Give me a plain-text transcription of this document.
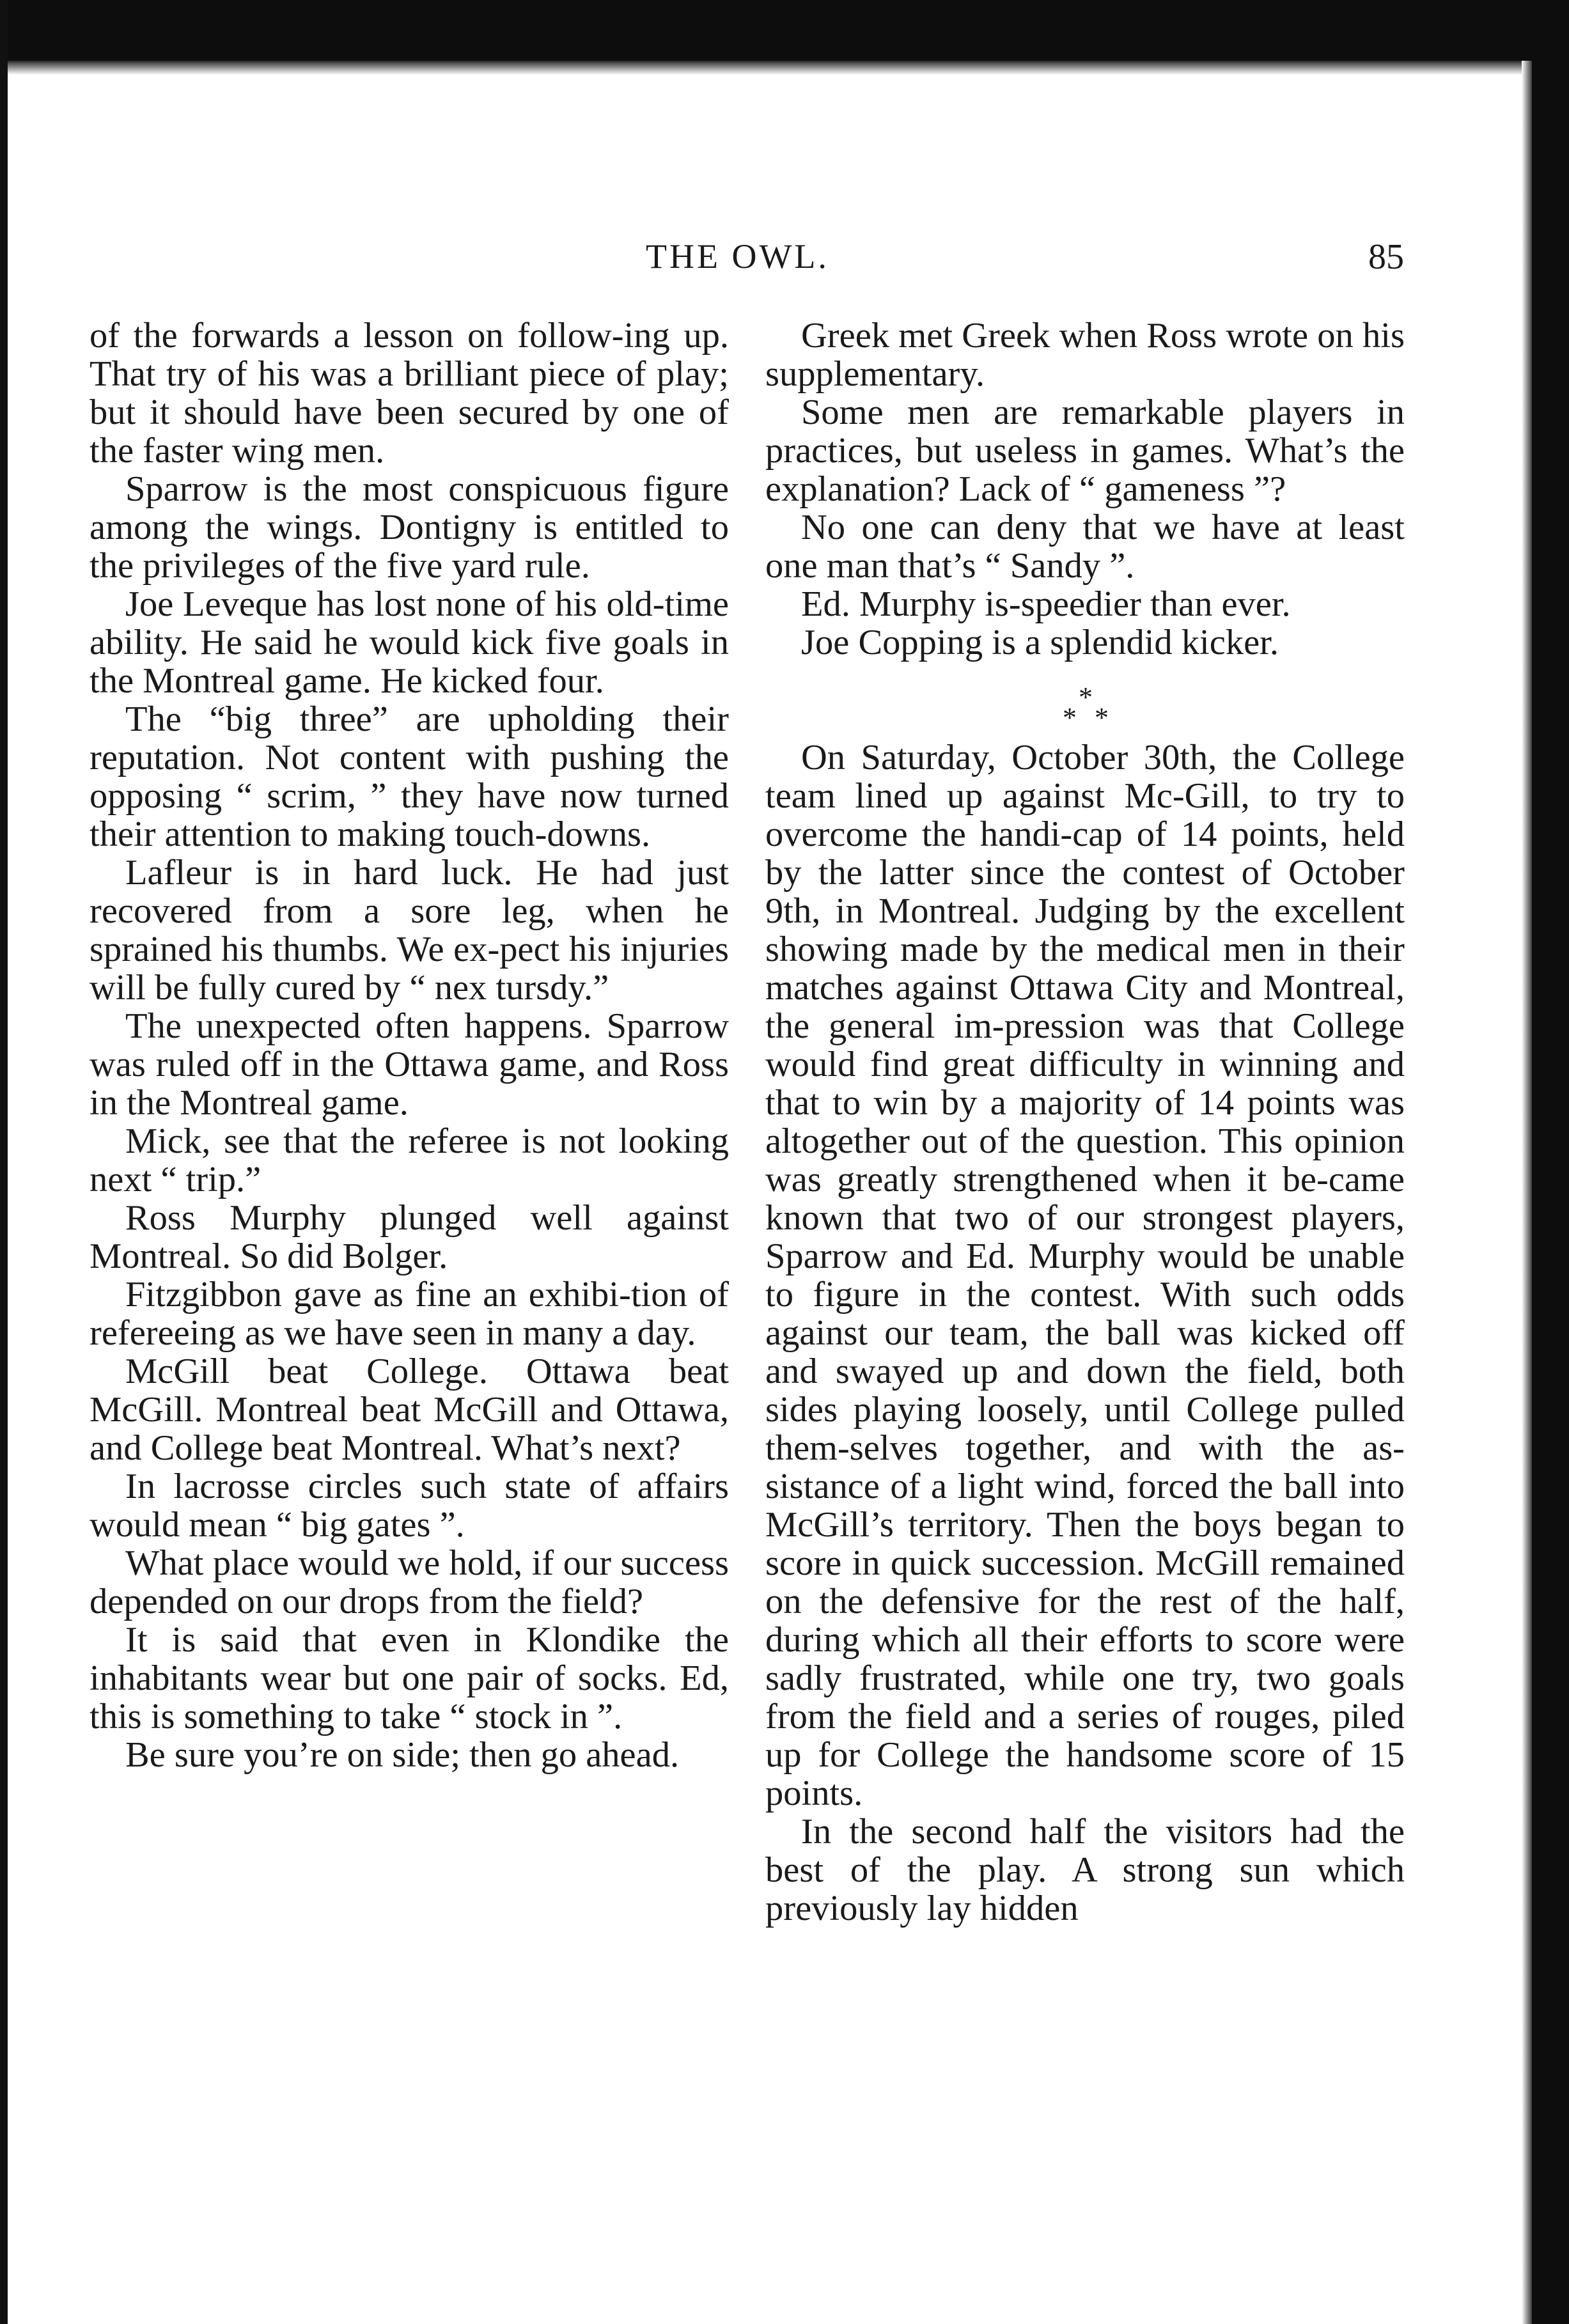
THE OWL.	85

of the forwards a lesson on follow-ing up. That try of his was a brilliant piece of play; but it should have been secured by one of the faster wing men.

Sparrow is the most conspicuous figure among the wings. Dontigny is entitled to the privileges of the five yard rule.

Joe Leveque has lost none of his old-time ability. He said he would kick five goals in the Montreal game. He kicked four.

The “big three” are upholding their reputation. Not content with pushing the opposing “ scrim, ” they have now turned their attention to making touch-downs.

Lafleur is in hard luck. He had just recovered from a sore leg, when he sprained his thumbs. We ex-pect his injuries will be fully cured by “ nex tursdy.”

The unexpected often happens. Sparrow was ruled off in the Ottawa game, and Ross in the Montreal game.

Mick, see that the referee is not looking next “ trip.”

Ross Murphy plunged well against Montreal. So did Bolger.

Fitzgibbon gave as fine an exhibi-tion of refereeing as we have seen in many a day.

McGill beat College. Ottawa beat McGill. Montreal beat McGill and Ottawa, and College beat Montreal. What’s next?

In lacrosse circles such state of affairs would mean “ big gates ”.

What place would we hold, if our success depended on our drops from the field?

It is said that even in Klondike the inhabitants wear but one pair of socks. Ed, this is something to take “ stock in ”.

Be sure you’re on side; then go ahead.

Greek met Greek when Ross wrote on his supplementary.

Some men are remarkable players in practices, but useless in games. What’s the explanation? Lack of “ gameness ”?

No one can deny that we have at least one man that’s “ Sandy ”.

Ed. Murphy is-speedier than ever.

Joe Copping is a splendid kicker.

*
* *

On Saturday, October 30th, the College team lined up against Mc-Gill, to try to overcome the handi-cap of 14 points, held by the latter since the contest of October 9th, in Montreal. Judging by the excellent showing made by the medical men in their matches against Ottawa City and Montreal, the general im-pression was that College would find great difficulty in winning and that to win by a majority of 14 points was altogether out of the question. This opinion was greatly strengthened when it be-came known that two of our strongest players, Sparrow and Ed. Murphy would be unable to figure in the contest. With such odds against our team, the ball was kicked off and swayed up and down the field, both sides playing loosely, until College pulled them-selves together, and with the as-sistance of a light wind, forced the ball into McGill’s territory. Then the boys began to score in quick succession. McGill remained on the defensive for the rest of the half, during which all their efforts to score were sadly frustrated, while one try, two goals from the field and a series of rouges, piled up for College the handsome score of 15 points.

In the second half the visitors had the best of the play. A strong sun which previously lay hidden
